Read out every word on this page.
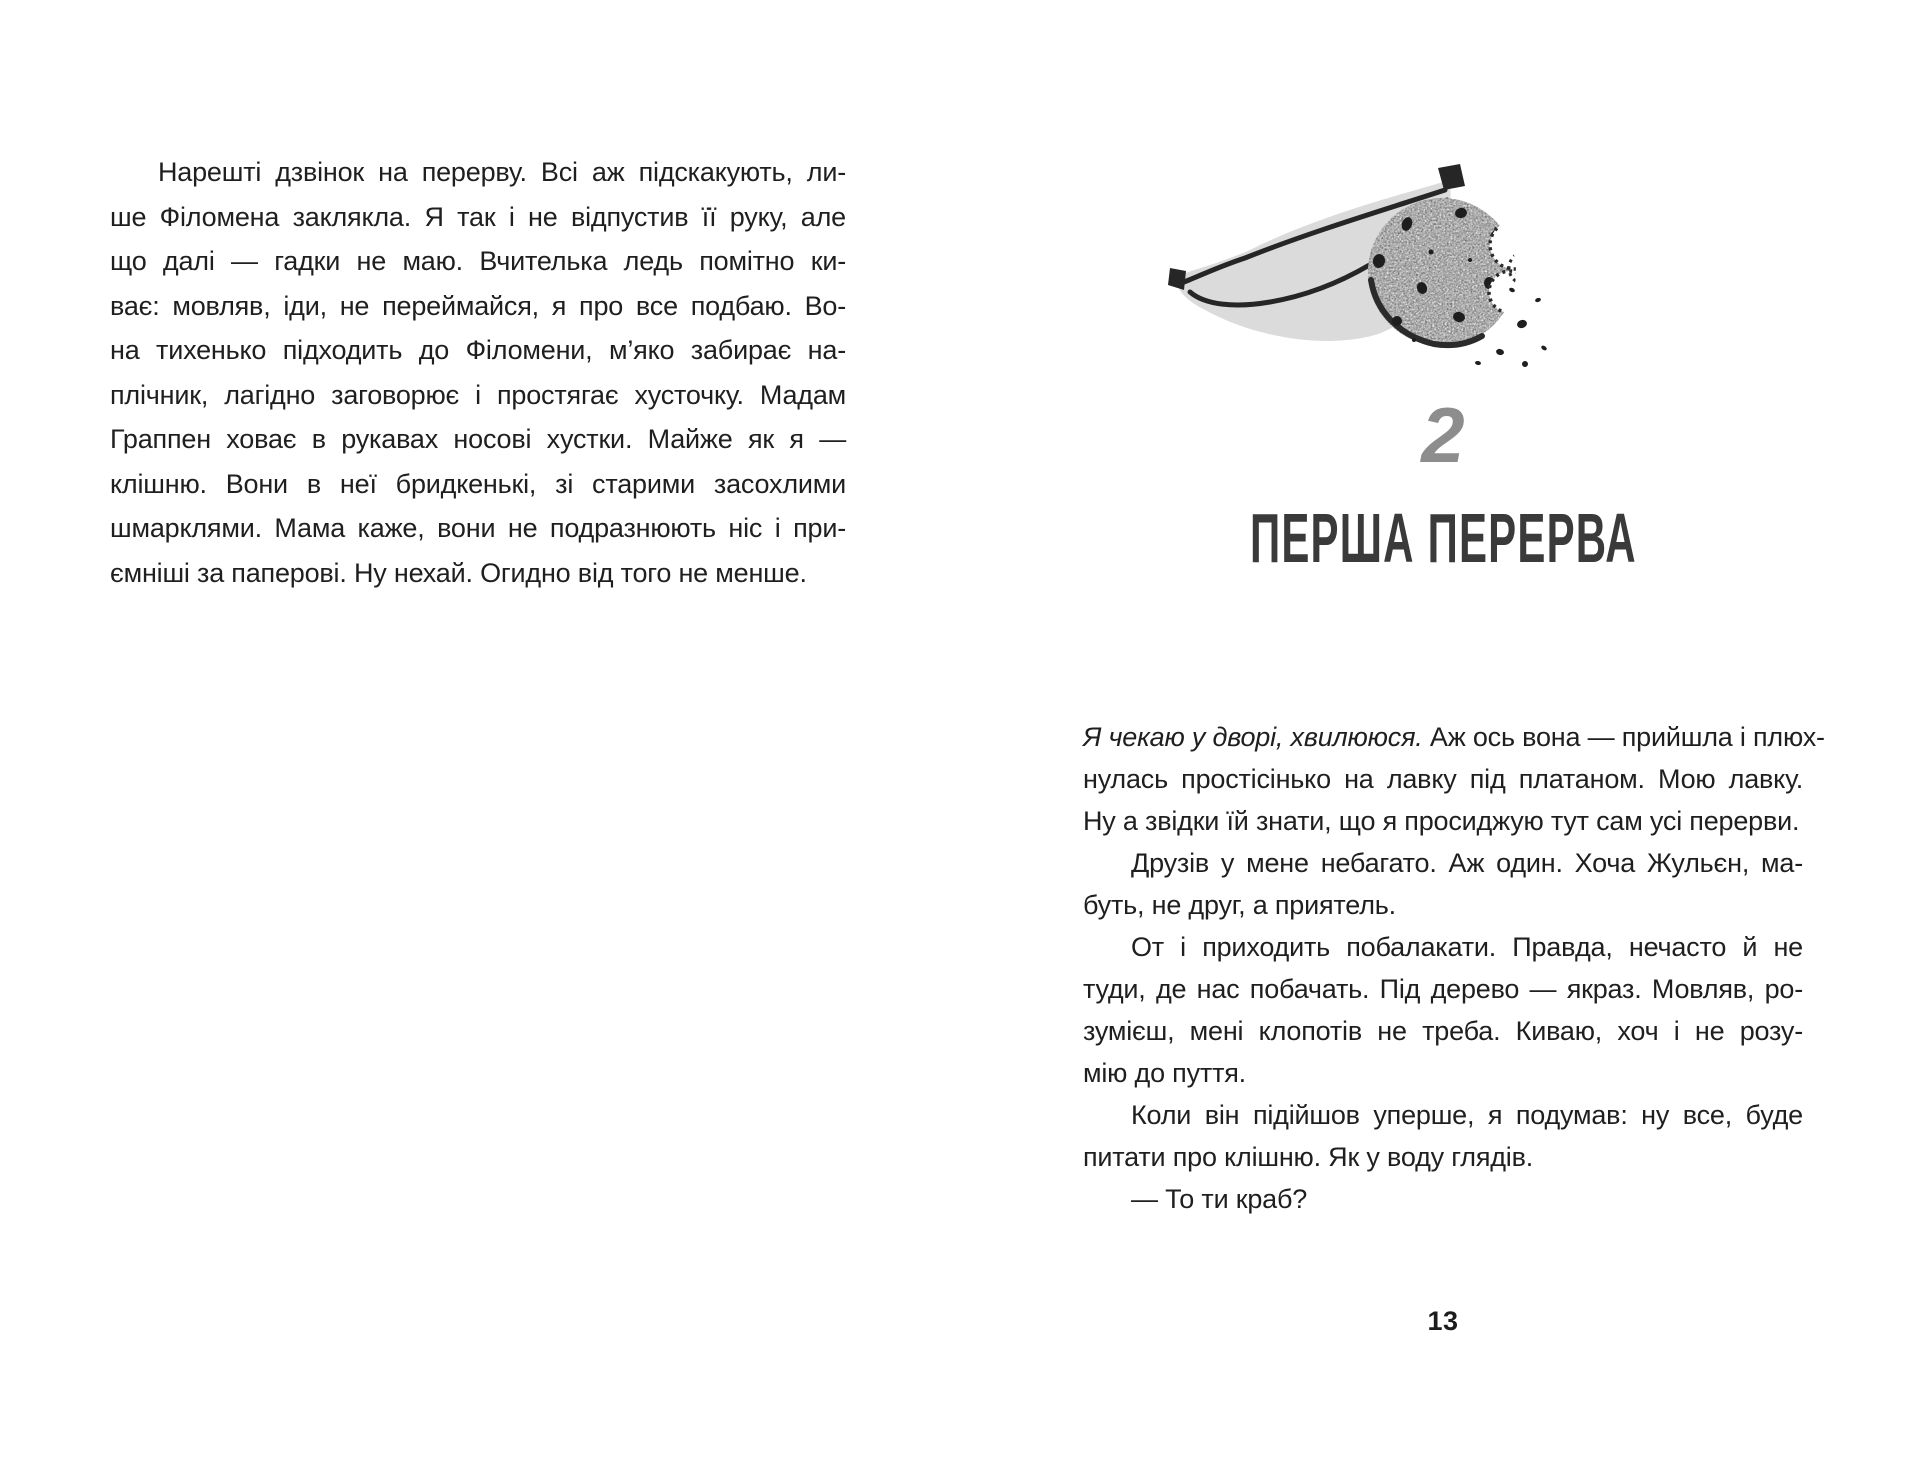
Нарешті дзвінок на перерву. Всі аж підскакують, ли-
ше Філомена заклякла. Я так і не відпустив її руку, але
що далі — гадки не маю. Вчителька ледь помітно ки-
ває: мовляв, іди, не переймайся, я про все подбаю. Во-
на тихенько підходить до Філомени, м’яко забирає на-
плічник, лагідно заговорює і простягає хусточку. Мадам
Граппен ховає в рукавах носові хустки. Майже як я —
клішню. Вони в неї бридкенькі, зі старими засохлими
шмарклями. Мама каже, вони не подразнюють ніс і при-
ємніші за паперові. Ну нехай. Огидно від того не менше.
2
ПЕРША ПЕРЕРВА
Я чекаю у дворі, хвилююся. Аж ось вона — прийшла і плюх-
нулась простісінько на лавку під платаном. Мою лавку.
Ну а звідки їй знати, що я просиджую тут сам усі перерви.
Друзів у мене небагато. Аж один. Хоча Жульєн, ма-
буть, не друг, а приятель.
От і приходить побалакати. Правда, нечасто й не
туди, де нас побачать. Під дерево — якраз. Мовляв, ро-
зумієш, мені клопотів не треба. Киваю, хоч і не розу-
мію до пуття.
Коли він підійшов уперше, я подумав: ну все, буде
питати про клішню. Як у воду глядів.
— То ти краб?
13
